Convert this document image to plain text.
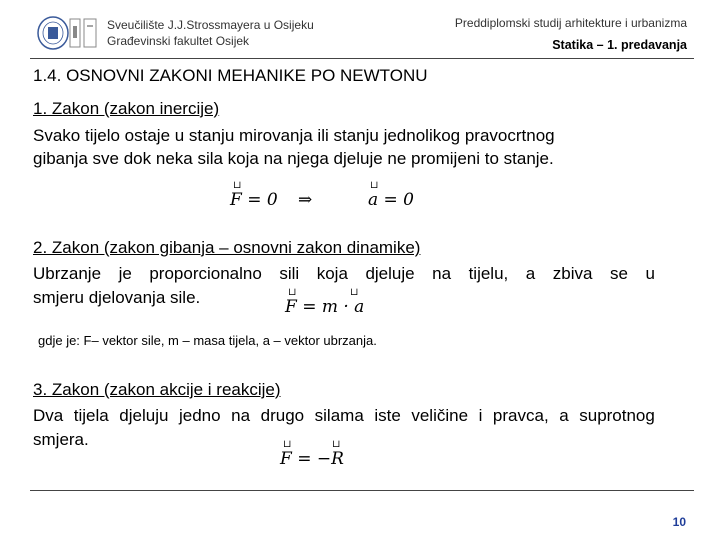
Sveučilište J.J.Strossmayera u Osijeku
Građevinski fakultet Osijek
Preddiplomski studij arhitekture i urbanizma
Statika – 1. predavanja
1.4. OSNOVNI ZAKONI MEHANIKE PO NEWTONU
1. Zakon (zakon inercije)
Svako tijelo ostaje u stanju mirovanja ili stanju jednolikog pravocrtnog
gibanja sve dok neka sila koja na njega djeluje ne promijeni to stanje.
⊔
F = 0 ⇒
⊔
a = 0
2. Zakon (zakon gibanja – osnovni zakon dinamike)
Ubrzanje je proporcionalno sili koja djeluje na tijelu, a zbiva se u
smjeru djelovanja sile.	⊔	⊔
F = m · a
gdje je: F– vektor sile, m – masa tijela, a – vektor ubrzanja.
3. Zakon (zakon akcije i reakcije)
Dva tijela djeluju jedno na drugo silama iste veličine i pravca, a suprotnog
smjera.	⊔	⊔
F = −R
10
